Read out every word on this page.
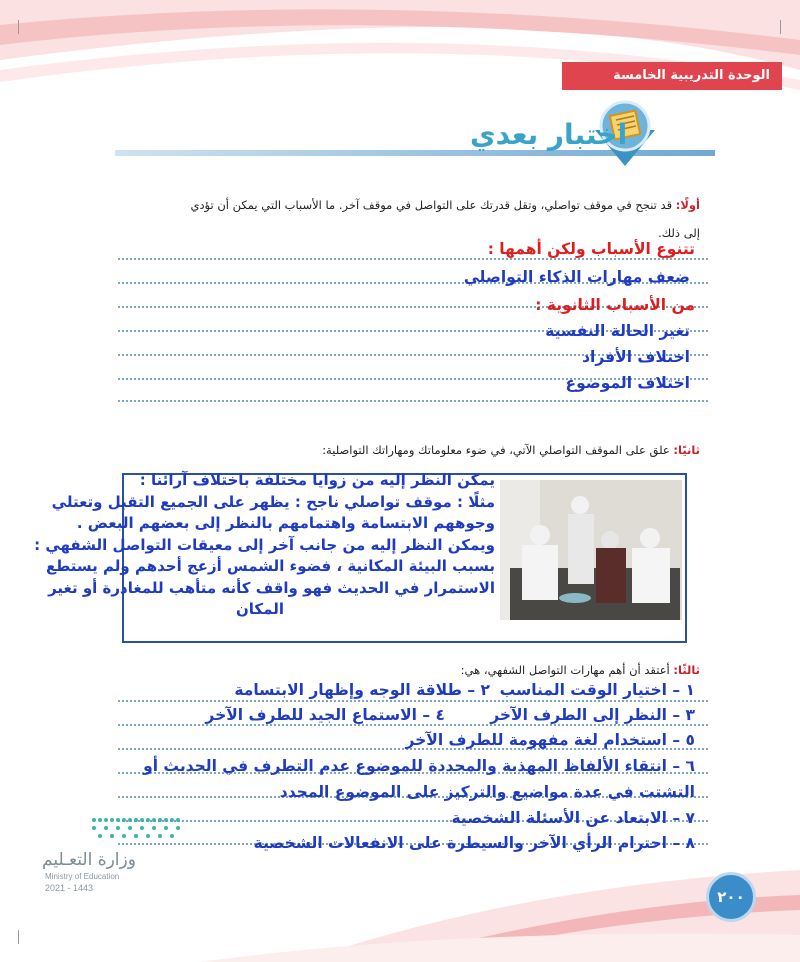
الوحدة التدريبية الخامسة
اختبار بعدي
أولًا: قد تنجح في موقف تواصلي، وتقل قدرتك على التواصل في موقف آخر. ما الأسباب التي يمكن أن تؤدي
إلى ذلك.
تتنوع الأسباب ولكن أهمها :
ضعف مهارات الذكاء التواصلي
من الأسباب الثانوية :
تغير الحالة النفسية
اختلاف الأفراد
اختلاف الموضوع
ثانيًا: علق على الموقف التواصلي الآتي، في ضوء معلوماتك ومهاراتك التواصلية:
يمكن النظر إليه من زوايا مختلفة باختلاف آرائنا :
مثلًا : موقف تواصلي ناجح : يظهر على الجميع التقبل وتعتلي
وجوههم الابتسامة واهتمامهم بالنظر إلى بعضهم البعض .
ويمكن النظر إليه من جانب آخر إلى معيقات التواصل الشفهي :
بسبب البيئة المكانية ، فضوء الشمس أزعج أحدهم ولم يستطع
الاستمرار في الحديث فهو واقف كأنه متأهب للمغادرة أو تغير
المكان
ثالثًا: أعتقد أن أهم مهارات التواصل الشفهي، هي:
١ – اختيار الوقت المناسب
٢ – طلاقة الوجه وإظهار الابتسامة
٣ – النظر إلى الطرف الآخر
٤ – الاستماع الجيد للطرف الآخر
٥ – استخدام لغة مفهومة للطرف الآخر
٦ – انتقاء الألفاظ المهذبة والمحددة للموضوع عدم التطرف في الحديث أو
التشتت في عدة مواضيع والتركيز على الموضوع المحدد
٧ – الابتعاد عن الأسئلة الشخصية
٨ – احترام الرأي الآخر والسيطرة على الانفعالات الشخصية
وزارة التعـليم
Ministry of Education
2021 - 1443	٢٠٠
